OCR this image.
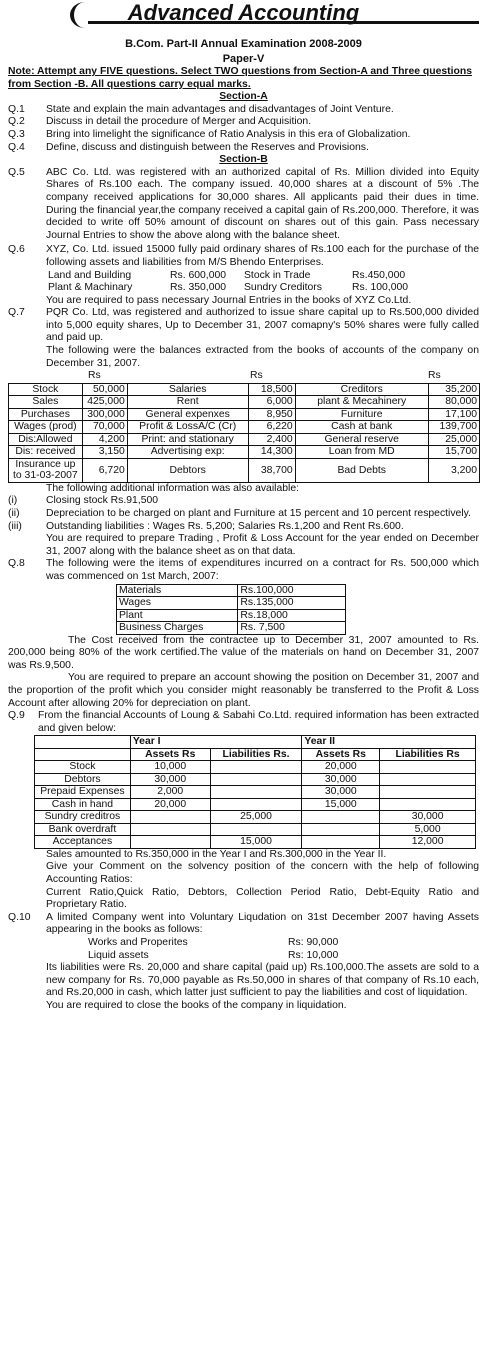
Advanced Accounting
B.Com. Part-II Annual Examination 2008-2009
Paper-V
Note: Attempt any FIVE questions. Select TWO questions from Section-A and Three questions from Section -B. All questions carry equal marks.
Section-A
Q.1	State and explain the main advantages and disadvantages of Joint Venture.
Q.2	Discuss in detail the procedure of Merger and Acquisition.
Q.3	Bring into limelight the significance of Ratio Analysis in this era of Globalization.
Q.4	Define, discuss and distinguish between the Reserves and Provisions.
Section-B
Q.5	ABC Co. Ltd. was registered with an authorized capital of Rs. Million divided into Equity Shares of Rs.100 each. The company issued. 40,000 shares at a discount of 5% .The company received applications for 30,000 shares. All applicants paid their dues in time. During the financial year,the company received a capital gain of Rs.200,000. Therefore, it was decided to write off 50% amount of discount on shares out of this gain. Pass necessary Journal Entries to show the above along with the balance sheet.
Q.6	XYZ, Co. Ltd. issued 15000 fully paid ordinary shares of Rs.100 each for the purchase of the following assets and liabilities from M/S Bhendo Enterprises.
Land and Building	Rs. 600,000	Stock in Trade	Rs.450,000
Plant & Machinary	Rs. 350,000	Sundry Creditors	Rs. 100,000
You are required to pass necessary Journal Entries in the books of XYZ Co.Ltd.
Q.7	PQR Co. Ltd, was registered and authorized to issue share capital up to Rs.500,000 divided into 5,000 equity shares, Up to December 31, 2007 comapny's 50% shares were fully called and paid up.
The following were the balances extracted from the books of accounts of the company on December 31, 2007.
Rs	Rs	Rs
Stock	50,000	Salaries	18,500	Creditors	35,200
Sales	425,000	Rent	6,000	plant & Mecahinery	80,000
Purchases	300,000	General expenxes	8,950	Furniture	17,100
Wages (prod)	70,000	Profit & LossA/C (Cr)	6,220	Cash at bank	139,700
Dis:Allowed	4,200	Print: and stationary	2,400	General reserve	25,000
Dis: received	3,150	Advertising exp:	14,300	Loan from MD	15,700
Insurance up to 31-03-2007	6,720	Debtors	38,700	Bad Debts	3,200
The following additional information was also available:
(i)	Closing stock Rs.91,500
(ii)	Depreciation to be charged on plant and Furniture at 15 percent and 10 percent respectively.
(iii)	Outstanding liabilities : Wages Rs. 5,200; Salaries Rs.1,200 and Rent Rs.600.
You are required to prepare Trading , Profit & Loss Account for the year ended on December 31, 2007 along with the balance sheet as on that data.
Q.8	The following were the items of expenditures incurred on a contract for Rs. 500,000 which was commenced on 1st March, 2007:
Materials	Rs.100,000
Wages	Rs.135,000
Plant	Rs.18,000
Business Charges	Rs. 7,500
The Cost received from the contractee up to December 31, 2007 amounted to Rs. 200,000 being 80% of the work certified.The value of the materials on hand on December 31, 2007 was Rs.9,500.
You are required to prepare an account showing the position on December 31, 2007 and the proportion of the profit which you consider might reasonably be transferred to the Profit & Loss Account after allowing 20% for depreciation on plant.
Q.9	From the financial Accounts of Loung & Sabahi Co.Ltd. required information has been extracted and given below:
	Year I		Year II	
	Assets Rs	Liabilities Rs.	Assets Rs	Liabilities Rs
Stock	10,000		20,000	
Debtors	30,000		30,000	
Prepaid Expenses	2,000		30,000	
Cash in hand	20,000		15,000	
Sundry creditros		25,000		30,000
Bank overdraft				5,000
Acceptances		15,000		12,000
Sales amounted to Rs.350,000 in the Year I and Rs.300,000 in the Year II.
Give your Comment on the solvency position of the concern with the help of following Accounting Ratios:
Current Ratio,Quick Ratio, Debtors, Collection Period Ratio, Debt-Equity Ratio and Proprietary Ratio.
Q.10	A limited Company went into Voluntary Liqudation on 31st December 2007 having Assets appearing in the books as follows:
Works and Properites	Rs: 90,000
Liquid assets	Rs: 10,000
Its liabilities were Rs. 20,000 and share capital (paid up) Rs.100,000.The assets are sold to a new company for Rs. 70,000 payable as Rs.50,000 in shares of that company of Rs.10 each, and Rs.20,000 in cash, which latter just sufficient to pay the liabilities and cost of liquidation.
You are required to close the books of the company in liquidation.
